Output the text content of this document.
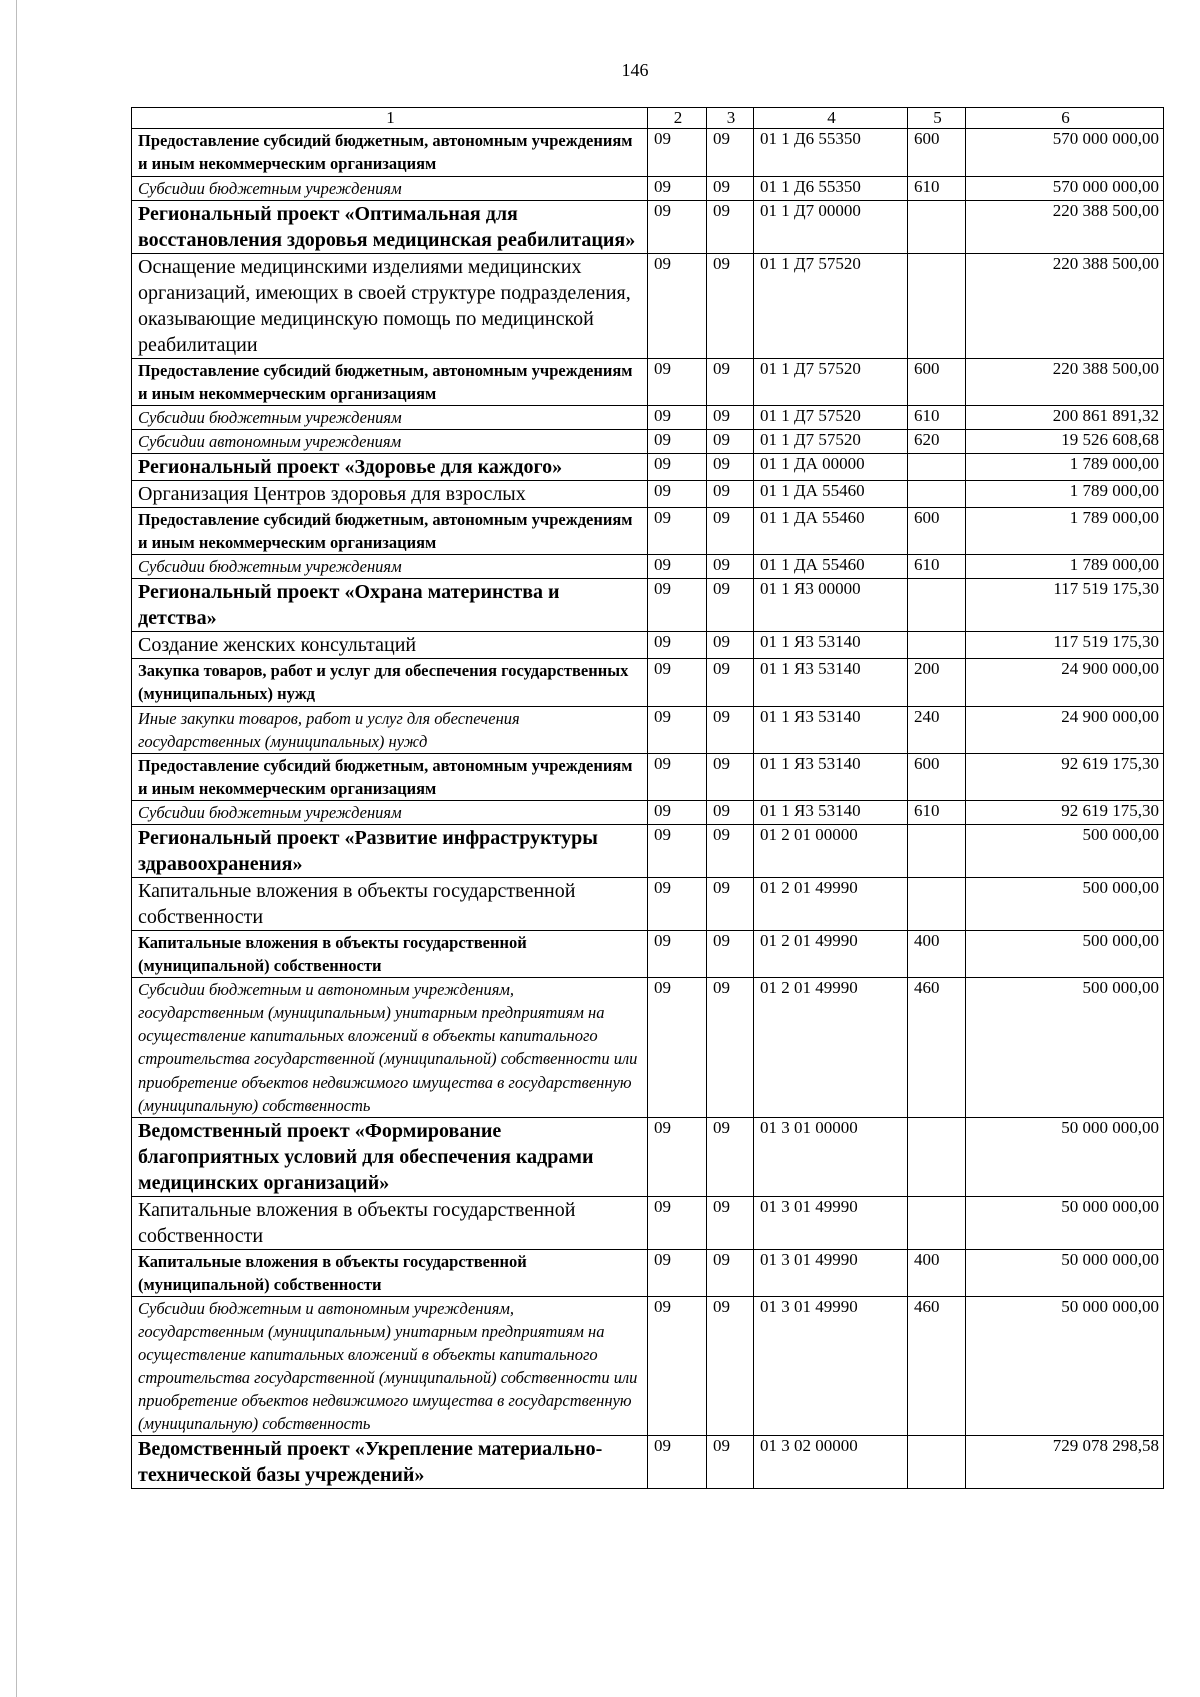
146
1	2	3	4	5	6
Предоставление субсидий бюджетным, автономным учреждениям и иным некоммерческим организациям	09	09	01 1 Д6 55350	600	570 000 000,00
Субсидии бюджетным учреждениям	09	09	01 1 Д6 55350	610	570 000 000,00
Региональный проект «Оптимальная для восстановления здоровья медицинская реабилитация»	09	09	01 1 Д7 00000		220 388 500,00
Оснащение медицинскими изделиями медицинских организаций, имеющих в своей структуре подразделения, оказывающие медицинскую помощь по медицинской реабилитации	09	09	01 1 Д7 57520		220 388 500,00
Предоставление субсидий бюджетным, автономным учреждениям и иным некоммерческим организациям	09	09	01 1 Д7 57520	600	220 388 500,00
Субсидии бюджетным учреждениям	09	09	01 1 Д7 57520	610	200 861 891,32
Субсидии автономным учреждениям	09	09	01 1 Д7 57520	620	19 526 608,68
Региональный проект «Здоровье для каждого»	09	09	01 1 ДА 00000		1 789 000,00
Организация Центров здоровья для взрослых	09	09	01 1 ДА 55460		1 789 000,00
Предоставление субсидий бюджетным, автономным учреждениям и иным некоммерческим организациям	09	09	01 1 ДА 55460	600	1 789 000,00
Субсидии бюджетным учреждениям	09	09	01 1 ДА 55460	610	1 789 000,00
Региональный проект «Охрана материнства и детства»	09	09	01 1 Я3 00000		117 519 175,30
Создание женских консультаций	09	09	01 1 Я3 53140		117 519 175,30
Закупка товаров, работ и услуг для обеспечения государственных (муниципальных) нужд	09	09	01 1 Я3 53140	200	24 900 000,00
Иные закупки товаров, работ и услуг для обеспечения государственных (муниципальных) нужд	09	09	01 1 Я3 53140	240	24 900 000,00
Предоставление субсидий бюджетным, автономным учреждениям и иным некоммерческим организациям	09	09	01 1 Я3 53140	600	92 619 175,30
Субсидии бюджетным учреждениям	09	09	01 1 Я3 53140	610	92 619 175,30
Региональный проект «Развитие инфраструктуры здравоохранения»	09	09	01 2 01 00000		500 000,00
Капитальные вложения в объекты государственной собственности	09	09	01 2 01 49990		500 000,00
Капитальные вложения в объекты государственной (муниципальной) собственности	09	09	01 2 01 49990	400	500 000,00
Субсидии бюджетным и автономным учреждениям, государственным (муниципальным) унитарным предприятиям на осуществление капитальных вложений в объекты капитального строительства государственной (муниципальной) собственности или приобретение объектов недвижимого имущества в государственную (муниципальную) собственность	09	09	01 2 01 49990	460	500 000,00
Ведомственный проект «Формирование благоприятных условий для обеспечения кадрами медицинских организаций»	09	09	01 3 01 00000		50 000 000,00
Капитальные вложения в объекты государственной собственности	09	09	01 3 01 49990		50 000 000,00
Капитальные вложения в объекты государственной (муниципальной) собственности	09	09	01 3 01 49990	400	50 000 000,00
Субсидии бюджетным и автономным учреждениям, государственным (муниципальным) унитарным предприятиям на осуществление капитальных вложений в объекты капитального строительства государственной (муниципальной) собственности или приобретение объектов недвижимого имущества в государственную (муниципальную) собственность	09	09	01 3 01 49990	460	50 000 000,00
Ведомственный проект «Укрепление материально-технической базы учреждений»	09	09	01 3 02 00000		729 078 298,58
